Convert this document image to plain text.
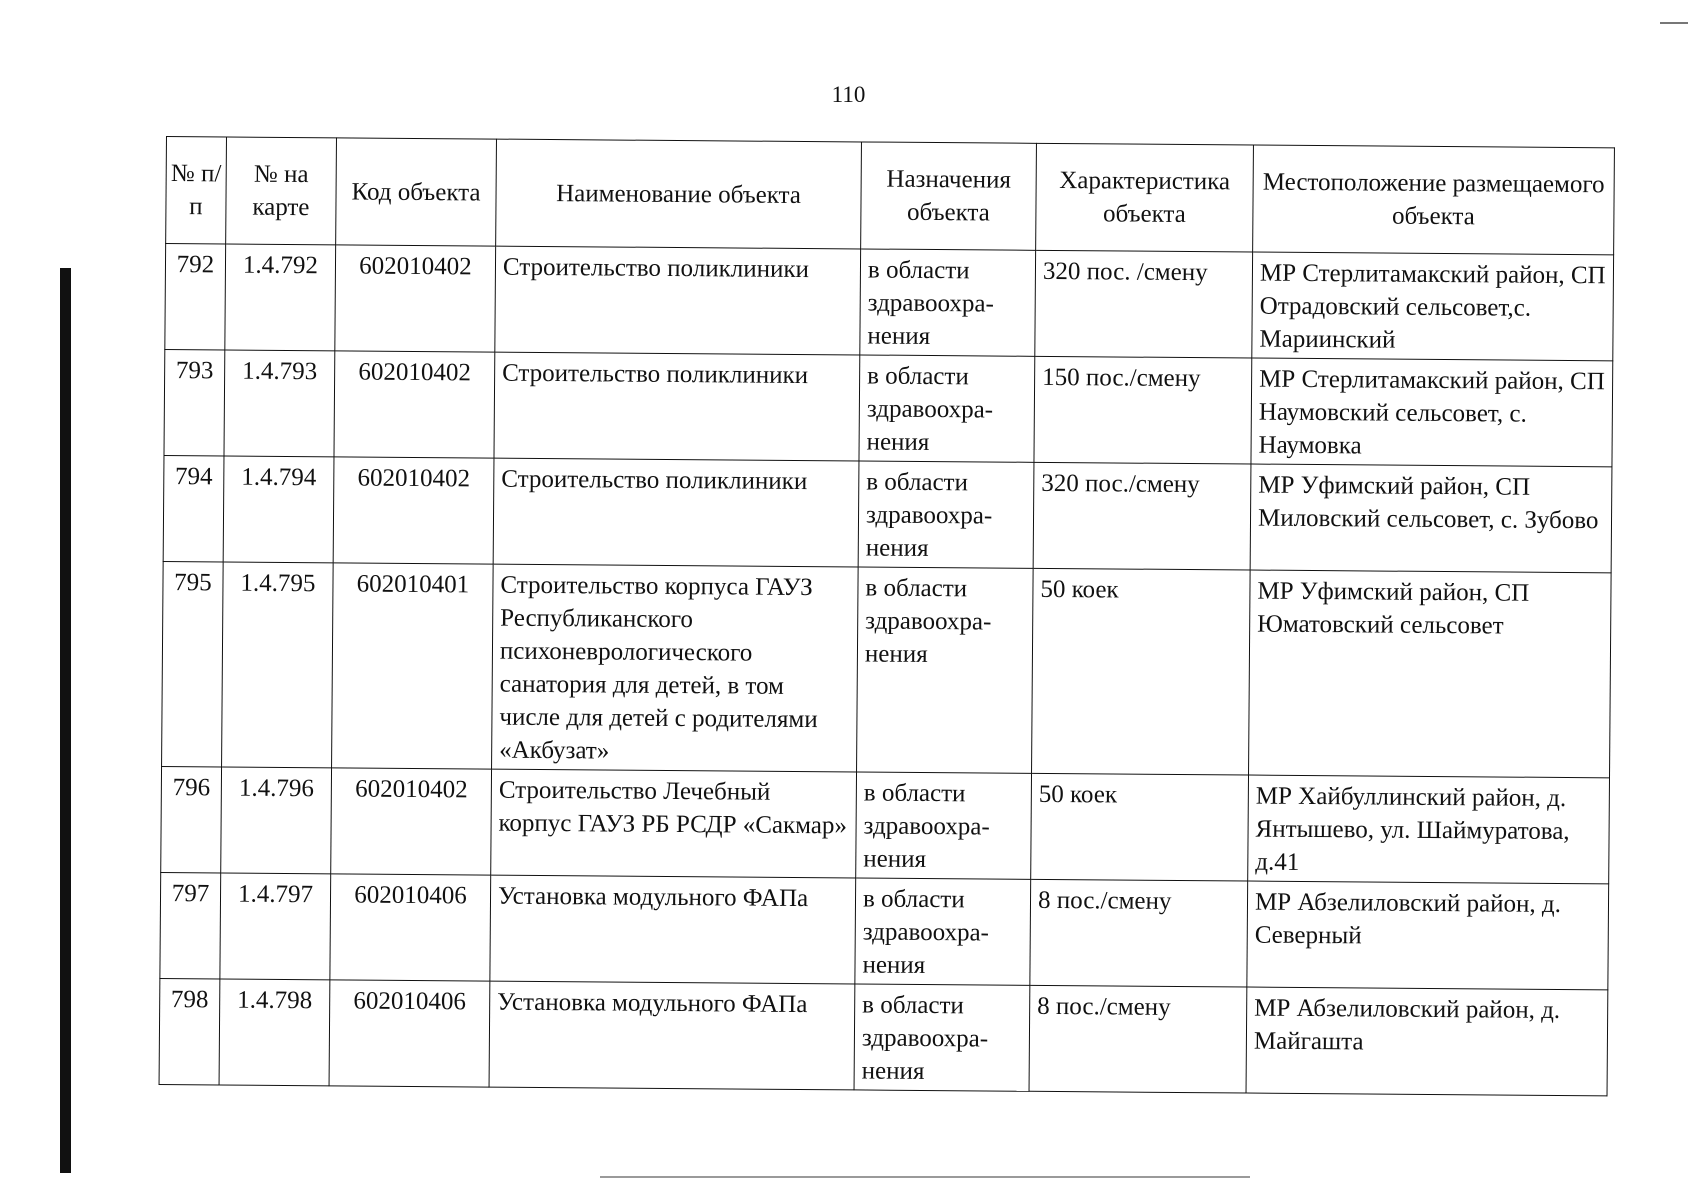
110
№ п/п	№ на карте	Код объекта	Наименование объекта	Назначения объекта	Характеристика объекта	Местоположение размещаемого объекта
792	1.4.792	602010402	Строительство поликлиники	в области здравоохра-нения	320 пос. /смену	МР Стерлитамакский район, СП Отрадовский сельсовет,с. Мариинский
793	1.4.793	602010402	Строительство поликлиники	в области здравоохра-нения	150 пос./смену	МР Стерлитамакский район, СП Наумовский сельсовет, с. Наумовка
794	1.4.794	602010402	Строительство поликлиники	в области здравоохра-нения	320 пос./смену	МР Уфимский район, СП Миловский сельсовет, с. Зубово
795	1.4.795	602010401	Строительство корпуса ГАУЗ Республиканского психоневрологического санатория для детей, в том числе для детей с родителями «Акбузат»	в области здравоохра-нения	50 коек	МР Уфимский район, СП Юматовский сельсовет
796	1.4.796	602010402	Строительство Лечебный корпус ГАУЗ РБ РСДР «Сакмар»	в области здравоохра-нения	50 коек	МР Хайбуллинский район, д. Янтышево, ул. Шаймуратова, д.41
797	1.4.797	602010406	Установка модульного ФАПа	в области здравоохра-нения	8 пос./смену	МР Абзелиловский район, д. Северный
798	1.4.798	602010406	Установка модульного ФАПа	в области здравоохра-нения	8 пос./смену	МР Абзелиловский район, д. Майгашта
